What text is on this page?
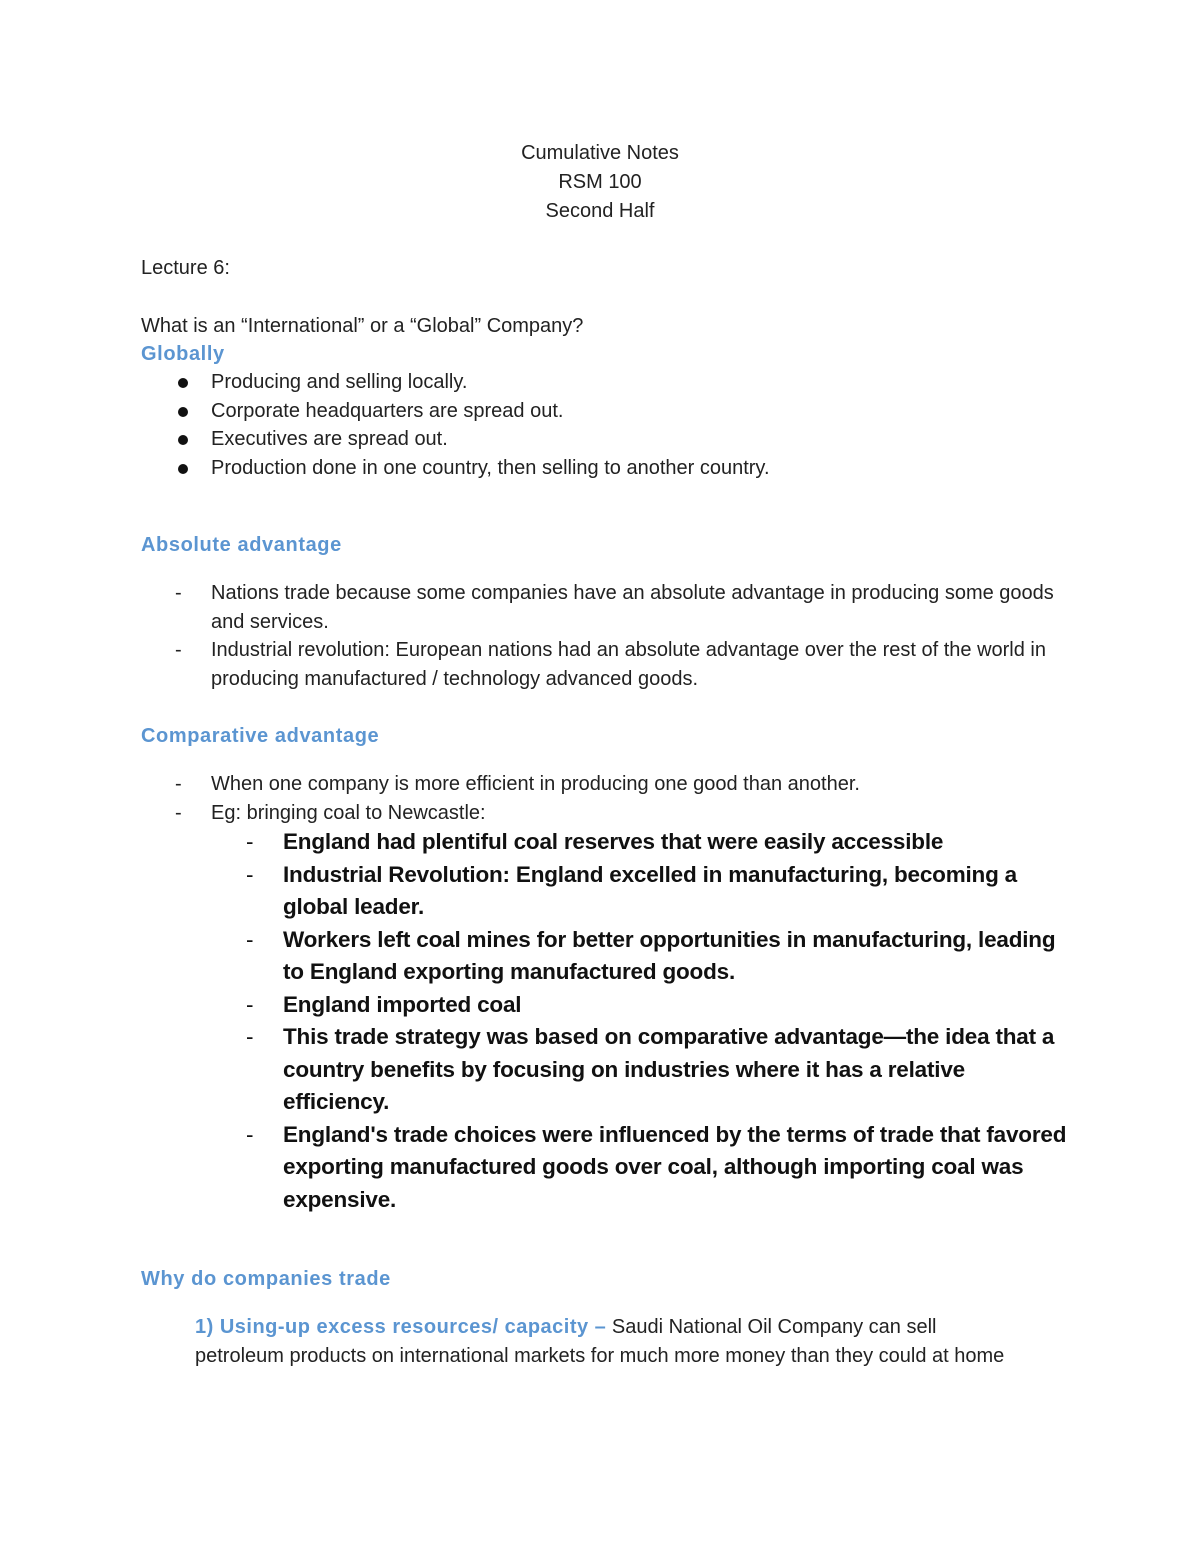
Cumulative Notes
RSM 100
Second Half
Lecture 6:
What is an “International” or a “Global” Company?
Globally
Producing and selling locally.
Corporate headquarters are spread out.
Executives are spread out.
Production done in one country, then selling to another country.
Absolute advantage
- Nations trade because some companies have an absolute advantage in producing some goods and services.
- Industrial revolution: European nations had an absolute advantage over the rest of the world in producing manufactured / technology advanced goods.
Comparative advantage
- When one company is more efficient in producing one good than another.
- Eg: bringing coal to Newcastle:
- England had plentiful coal reserves that were easily accessible
- Industrial Revolution: England excelled in manufacturing, becoming a global leader.
- Workers left coal mines for better opportunities in manufacturing, leading to England exporting manufactured goods.
- England imported coal
- This trade strategy was based on comparative advantage—the idea that a country benefits by focusing on industries where it has a relative efficiency.
- England's trade choices were influenced by the terms of trade that favored exporting manufactured goods over coal, although importing coal was expensive.
Why do companies trade
1) Using-up excess resources/ capacity – Saudi National Oil Company can sell petroleum products on international markets for much more money than they could at home
